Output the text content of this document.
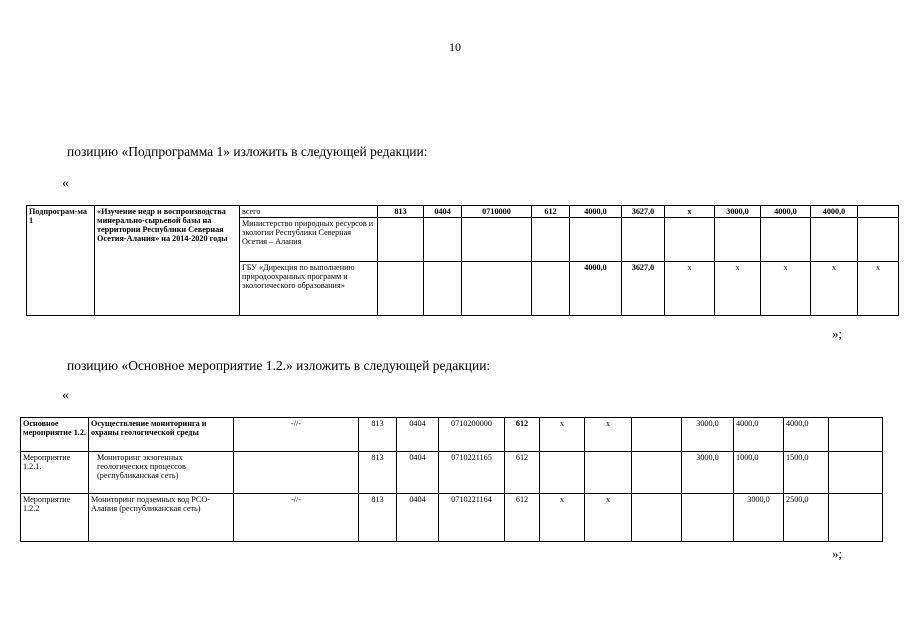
10
позицию «Подпрограмма 1» изложить в следующей редакции:
«
Подпрограм-ма 1	«Изучение недр и воспроизводства минерально-сырьевой базы на территории Республики Северная Осетия-Алания» на 2014-2020 годы	всего	813	0404	0710000	612	4000,0	3627,0	x	3000,0	4000,0	4000,0	
		Министерство природных ресурсов и экологии Республики Северная Осетия – Алания											
		ГБУ «Дирекция по выполнению природоохранных программ и экологического образования»					4000,0	3627,0	x	x	x	x	x
»;
позицию «Основное мероприятие 1.2.» изложить в следующей редакции:
«
Основное мероприятие 1.2.	Осуществление мониторинга и охраны геологической среды	-//-	813	0404	0710200000	612	x	x		3000,0	4000,0	4000,0	
Мероприятие 1.2.1.	Мониторинг экзогенных геологических процессов (республиканская сеть)		813	0404	0710221165	612				3000,0	1000,0	1500,0	
Мероприятие 1.2.2	Мониторинг подземных вод РСО-Алания (республиканская сеть)	-//-	813	0404	0710221164	612	x	x			3000,0	2500,0	
»;
